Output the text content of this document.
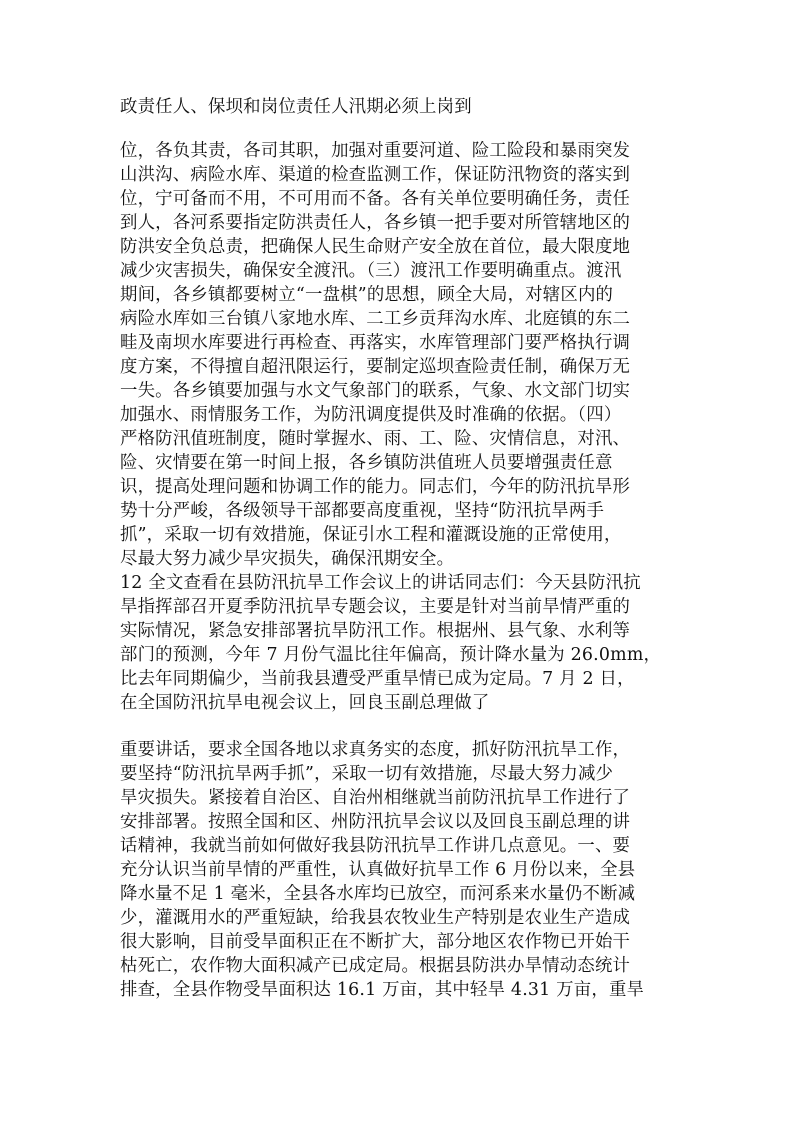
政责任人、保坝和岗位责任人汛期必须上岗到
位，各负其责，各司其职，加强对重要河道、险工险段和暴雨突发
山洪沟、病险水库、渠道的检查监测工作，保证防汛物资的落实到
位，宁可备而不用，不可用而不备。各有关单位要明确任务，责任
到人，各河系要指定防洪责任人，各乡镇一把手要对所管辖地区的
防洪安全负总责，把确保人民生命财产安全放在首位，最大限度地
减少灾害损失，确保安全渡汛。（三）渡汛工作要明确重点。渡汛
期间，各乡镇都要树立“一盘棋”的思想，顾全大局，对辖区内的
病险水库如三台镇八家地水库、二工乡贡拜沟水库、北庭镇的东二
畦及南坝水库要进行再检查、再落实，水库管理部门要严格执行调
度方案，不得擅自超汛限运行，要制定巡坝查险责任制，确保万无
一失。各乡镇要加强与水文气象部门的联系，气象、水文部门切实
加强水、雨情服务工作，为防汛调度提供及时准确的依据。（四）
严格防汛值班制度，随时掌握水、雨、工、险、灾情信息，对汛、
险、灾情要在第一时间上报，各乡镇防洪值班人员要增强责任意
识，提高处理问题和协调工作的能力。同志们，今年的防汛抗旱形
势十分严峻，各级领导干部都要高度重视，坚持“防汛抗旱两手
抓”，采取一切有效措施，保证引水工程和灌溉设施的正常使用，
尽最大努力减少旱灾损失，确保汛期安全。
12 全文查看在县防汛抗旱工作会议上的讲话同志们：今天县防汛抗
旱指挥部召开夏季防汛抗旱专题会议，主要是针对当前旱情严重的
实际情况，紧急安排部署抗旱防汛工作。根据州、县气象、水利等
部门的预测，今年 7 月份气温比往年偏高，预计降水量为 26.0mm，
比去年同期偏少，当前我县遭受严重旱情已成为定局。7 月 2 日，
在全国防汛抗旱电视会议上，回良玉副总理做了
重要讲话，要求全国各地以求真务实的态度，抓好防汛抗旱工作，
要坚持“防汛抗旱两手抓”，采取一切有效措施，尽最大努力减少
旱灾损失。紧接着自治区、自治州相继就当前防汛抗旱工作进行了
安排部署。按照全国和区、州防汛抗旱会议以及回良玉副总理的讲
话精神，我就当前如何做好我县防汛抗旱工作讲几点意见。一、要
充分认识当前旱情的严重性，认真做好抗旱工作 6 月份以来，全县
降水量不足 1 毫米，全县各水库均已放空，而河系来水量仍不断减
少，灌溉用水的严重短缺，给我县农牧业生产特别是农业生产造成
很大影响，目前受旱面积正在不断扩大，部分地区农作物已开始干
枯死亡，农作物大面积减产已成定局。根据县防洪办旱情动态统计
排查，全县作物受旱面积达 16.1 万亩，其中轻旱 4.31 万亩，重旱
